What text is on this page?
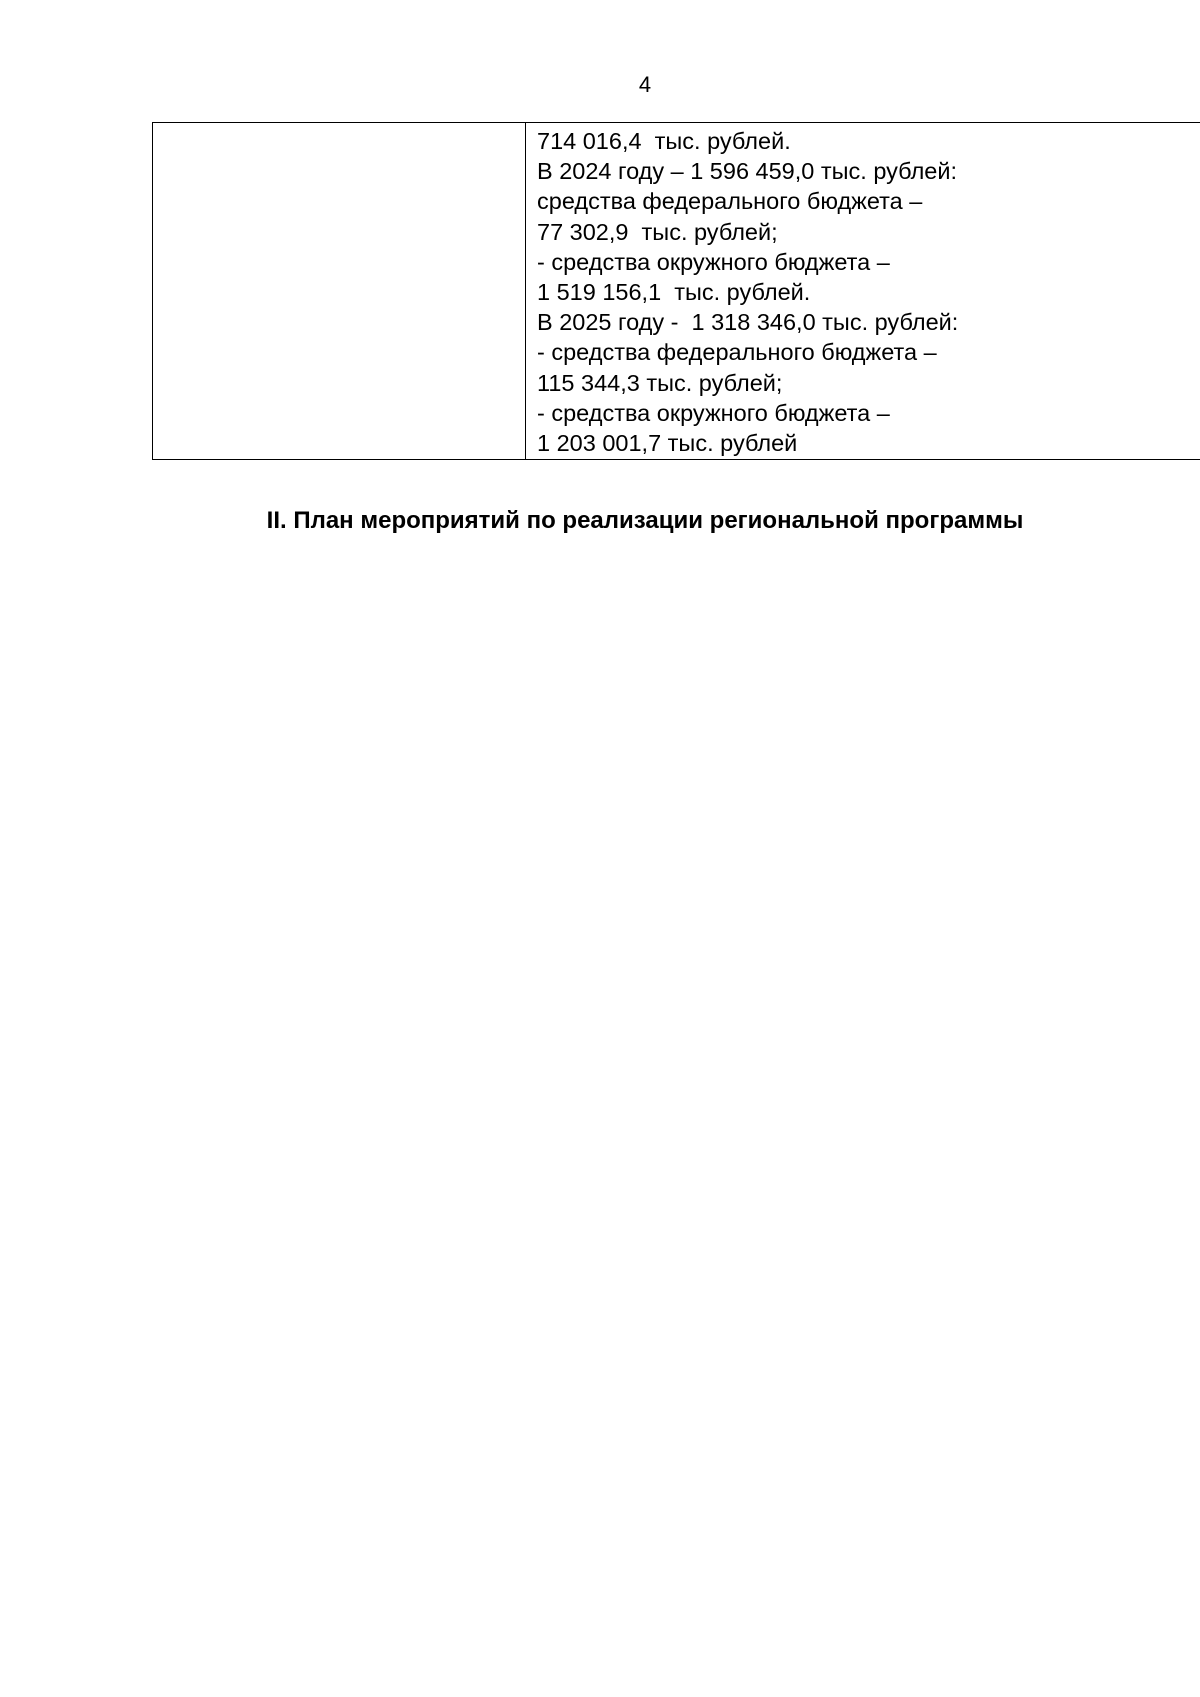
4

714 016,4  тыс. рублей.
В 2024 году – 1 596 459,0 тыс. рублей:
средства федерального бюджета –
77 302,9  тыс. рублей;
- средства окружного бюджета –
1 519 156,1  тыс. рублей.
В 2025 году -  1 318 346,0 тыс. рублей:
- средства федерального бюджета –
115 344,3 тыс. рублей;
- средства окружного бюджета –
1 203 001,7 тыс. рублей
II. План мероприятий по реализации региональной программы
